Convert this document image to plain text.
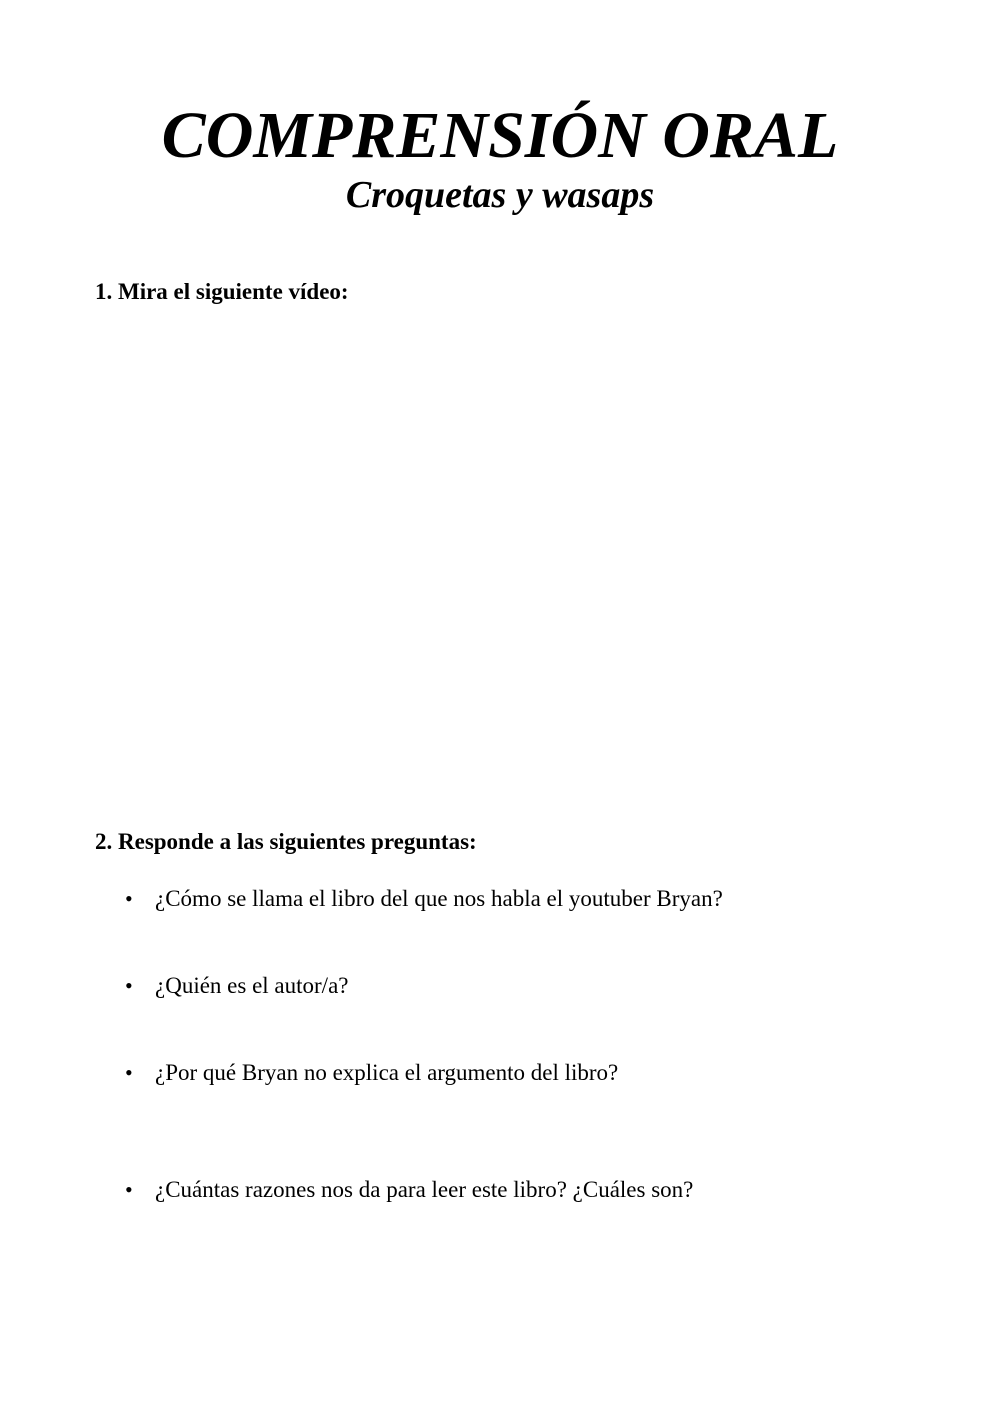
COMPRENSIÓN ORAL
Croquetas y wasaps

1. Mira el siguiente vídeo:

2. Responde a las siguientes preguntas:

• ¿Cómo se llama el libro del que nos habla el youtuber Bryan?
• ¿Quién es el autor/a?
• ¿Por qué Bryan no explica el argumento del libro?
• ¿Cuántas razones nos da para leer este libro? ¿Cuáles son?
